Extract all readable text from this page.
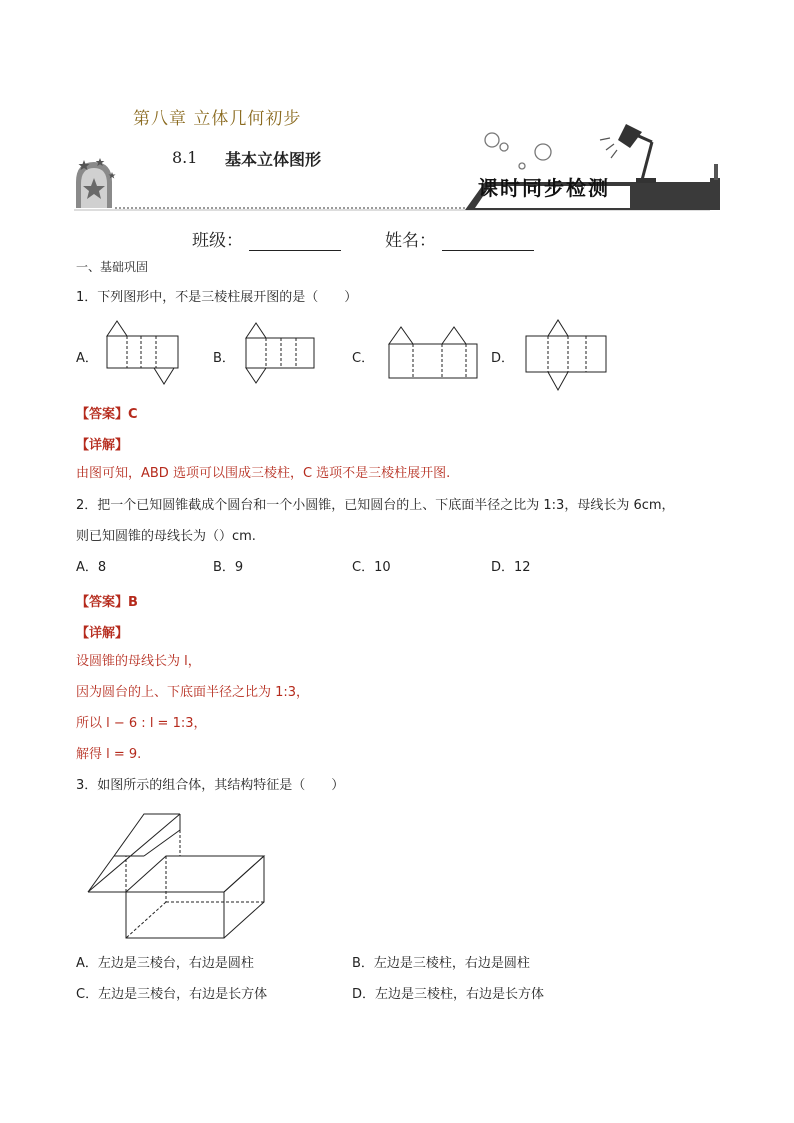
第八章 立体几何初步
8.1 基本立体图形
课时同步检测
班级：	姓名：
一、基础巩固
1．下列图形中，不是三棱柱展开图的是（　　）
A．	B．	C．	D．
【答案】C
【详解】
由图可知，ABD 选项可以围成三棱柱，C 选项不是三棱柱展开图.
2．把一个已知圆锥截成个圆台和一个小圆锥，已知圆台的上、下底面半径之比为 1:3，母线长为 6cm，
则已知圆锥的母线长为（）cm.
A．8	B．9	C．10	D．12
【答案】B
【详解】
设圆锥的母线长为 l，
因为圆台的上、下底面半径之比为 1:3，
所以 l − 6 : l = 1:3，
解得 l = 9.
3．如图所示的组合体，其结构特征是（　　）
A．左边是三棱台，右边是圆柱	B．左边是三棱柱，右边是圆柱
C．左边是三棱台，右边是长方体	D．左边是三棱柱，右边是长方体
